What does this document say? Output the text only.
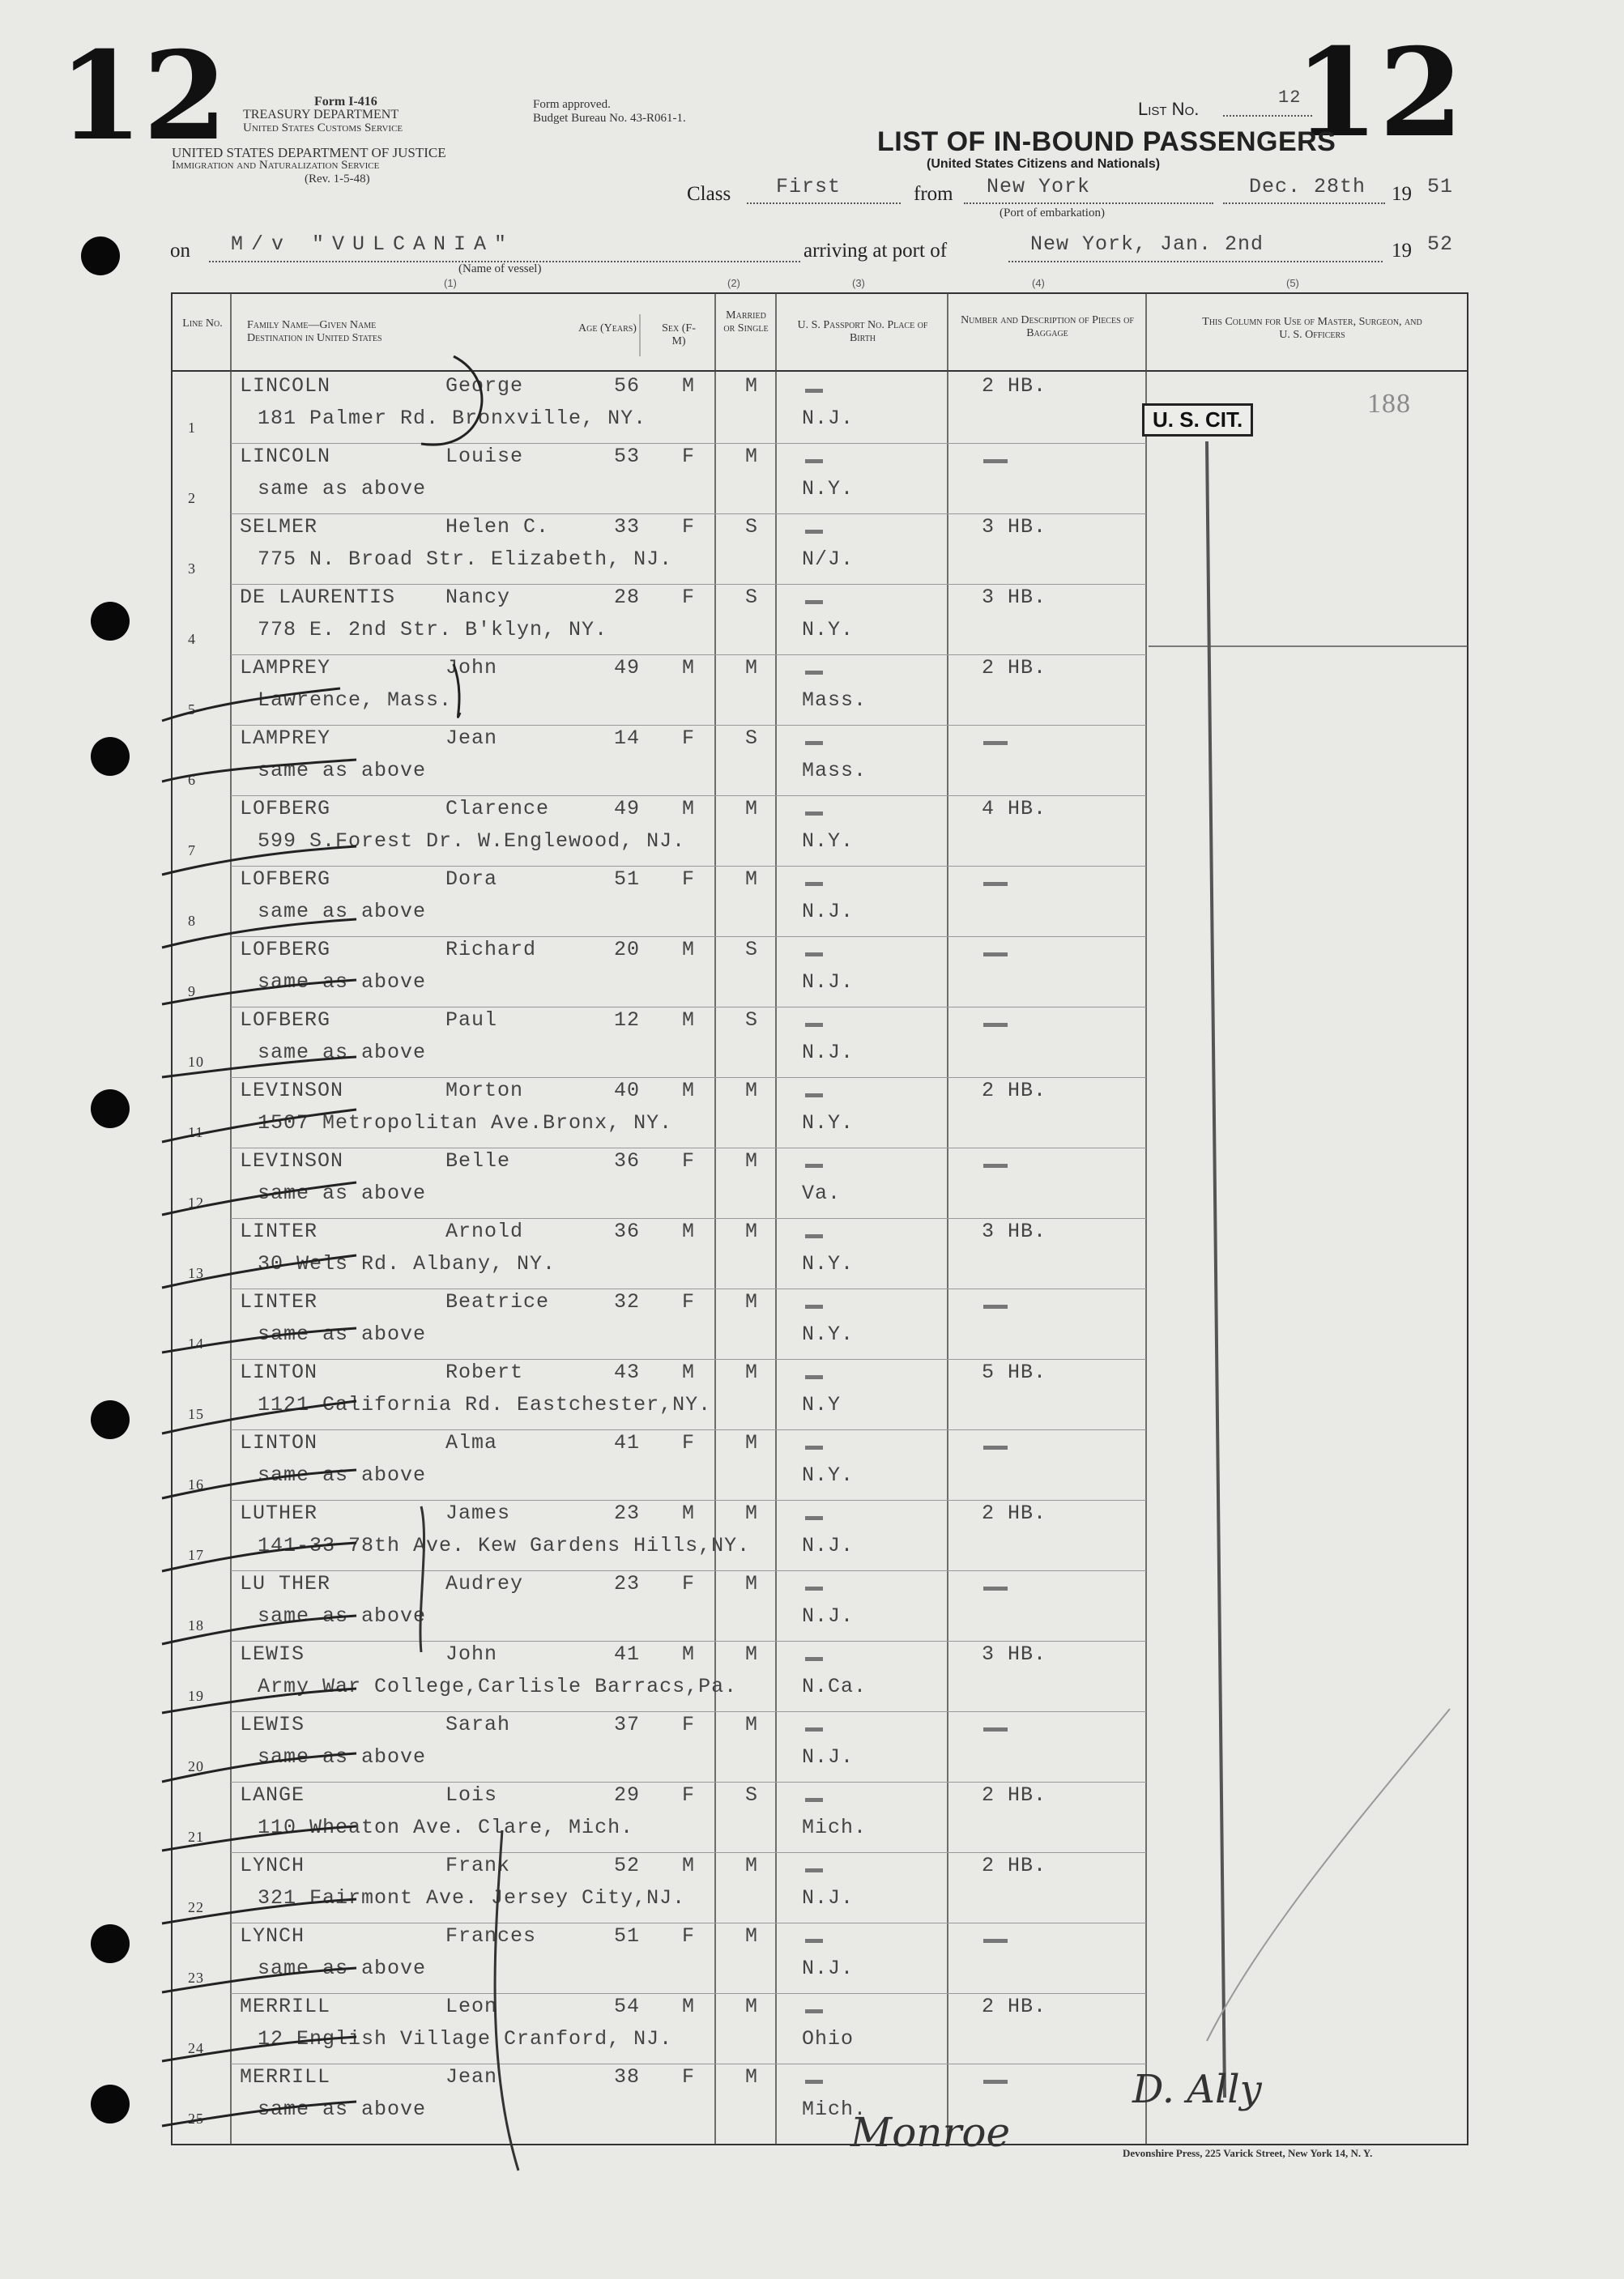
12	12
Form I-416
TREASURY DEPARTMENT
United States Customs Service
UNITED STATES DEPARTMENT OF JUSTICE
Immigration and Naturalization Service
(Rev. 1-5-48)
Form approved.
Budget Bureau No. 43-R061-1.	List No.
12
LIST OF IN-BOUND PASSENGERS
(United States Citizens and Nationals)
Class First	from New York
(Port of embarkation)
Dec. 28th 19 51
on M/v "VULCANIA"
(Name of vessel)
arriving at port of	New York, Jan. 2nd	19 52
(1)	(2)	(3)	(4)	(5)
Line No. Family Name—Given Name
Destination in United States
Age (Years)	Sex (F-M)
Married or Single	U. S. Passport No. Place of Birth
Number and Description of Pieces of Baggage
This Column for Use of Master, Surgeon, and U. S. Officers
1
LINCOLN	George	56 M M
181 Palmer Rd. Bronxville, NY.	N.J.
2 HB.
2
LINCOLN	Louise	53 F M
same as above	N.Y.
3
SELMER	Helen C.	33 F S
775 N. Broad Str. Elizabeth, NJ.	N/J.
3 HB.
4
DE LAURENTIS Nancy	28 F S
778 E. 2nd Str. B'klyn, NY.	N.Y.
3 HB.
5
LAMPREY	John	49 M M
Lawrence, Mass.	Mass.
2 HB.
6
LAMPREY	Jean	14 F S
same as above	Mass.
7
LOFBERG	Clarence	49 M M
599 S.Forest Dr. W.Englewood, NJ.	N.Y.
4 HB.
8
LOFBERG	Dora	51 F M
same as above	N.J.
9
LOFBERG	Richard	20 M S
same as above	N.J.
10
LOFBERG	Paul	12 M S
same as above	N.J.
11
LEVINSON	Morton	40 M M
1507 Metropolitan Ave.Bronx, NY.	N.Y.
2 HB.
12
LEVINSON	Belle	36 F M
same as above	Va.
13
LINTER	Arnold	36 M M
30 Wels Rd. Albany, NY.	N.Y.
3 HB.
14
LINTER	Beatrice	32 F M
same as above	N.Y.
15
LINTON	Robert	43 M M
1121 California Rd. Eastchester,NY.	N.Y
5 HB.
16
LINTON	Alma	41 F M
same as above	N.Y.
17
LUTHER	James	23 M M
141-33 78th Ave. Kew Gardens Hills,NY.	N.J.
2 HB.
18
LU THER	Audrey	23 F M
same as above	N.J.
19
LEWIS	John	41 M M
Army War College,Carlisle Barracs,Pa.	N.Ca.
3 HB.
20
LEWIS	Sarah	37 F M
same as above	N.J.
21
LANGE	Lois	29 F S
110 Wheaton Ave. Clare, Mich.	Mich.
2 HB.
22
LYNCH	Frank	52 M M
321 Fairmont Ave. Jersey City,NJ.	N.J.
2 HB.
23
LYNCH	Frances	51 F M
same as above	N.J.
24
MERRILL	Leon	54 M M
12 English Village Cranford, NJ.	Ohio
2 HB.
25
MERRILL	Jean	38 F M
same as above	Mich.
U. S. CIT.
188
Monroe
D. Ally
Devonshire Press, 225 Varick Street, New York 14, N. Y.
